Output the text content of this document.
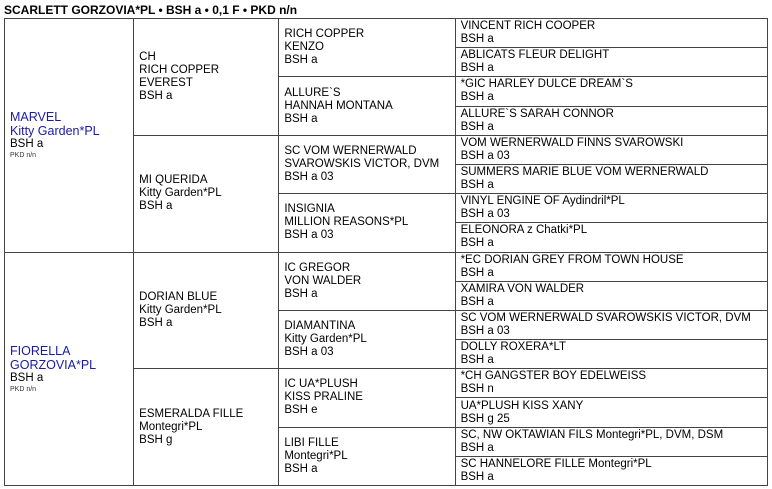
SCARLETT GORZOVIA*PL • BSH a • 0,1 F • PKD n/n
MARVEL
Kitty Garden*PL
BSH a
PKD n/n	CH
RICH COPPER
EVEREST
BSH a	RICH COPPER
KENZO
BSH a	VINCENT RICH COOPER
BSH a

			ABLICATS FLEUR DELIGHT
BSH a

		ALLURE`S
HANNAH MONTANA
BSH a	*GIC HARLEY DULCE DREAM`S
BSH a

			ALLURE`S SARAH CONNOR
BSH a

	MI QUERIDA
Kitty Garden*PL
BSH a	SC VOM WERNERWALD
SVAROWSKIS VICTOR, DVM
BSH a 03	VOM WERNERWALD FINNS SVAROWSKI
BSH a 03

			SUMMERS MARIE BLUE VOM WERNERWALD
BSH a

		INSIGNIA
MILLION REASONS*PL
BSH a 03	VINYL ENGINE OF Aydindril*PL
BSH a 03

			ELEONORA z Chatki*PL
BSH a

FIORELLA
GORZOVIA*PL
BSH a
PKD n/n	DORIAN BLUE
Kitty Garden*PL
BSH a	IC GREGOR
VON WALDER
BSH a	*EC DORIAN GREY FROM TOWN HOUSE
BSH a

			XAMIRA VON WALDER
BSH a

		DIAMANTINA
Kitty Garden*PL
BSH a 03	SC VOM WERNERWALD SVAROWSKIS VICTOR, DVM
BSH a 03

			DOLLY ROXERA*LT
BSH a

	ESMERALDA FILLE
Montegri*PL
BSH g	IC UA*PLUSH
KISS PRALINE
BSH e	*CH GANGSTER BOY EDELWEISS
BSH n

			UA*PLUSH KISS XANY
BSH g 25

		LIBI FILLE
Montegri*PL
BSH a	SC, NW OKTAWIAN FILS Montegri*PL, DVM, DSM
BSH a

			SC HANNELORE FILLE Montegri*PL
BSH a
